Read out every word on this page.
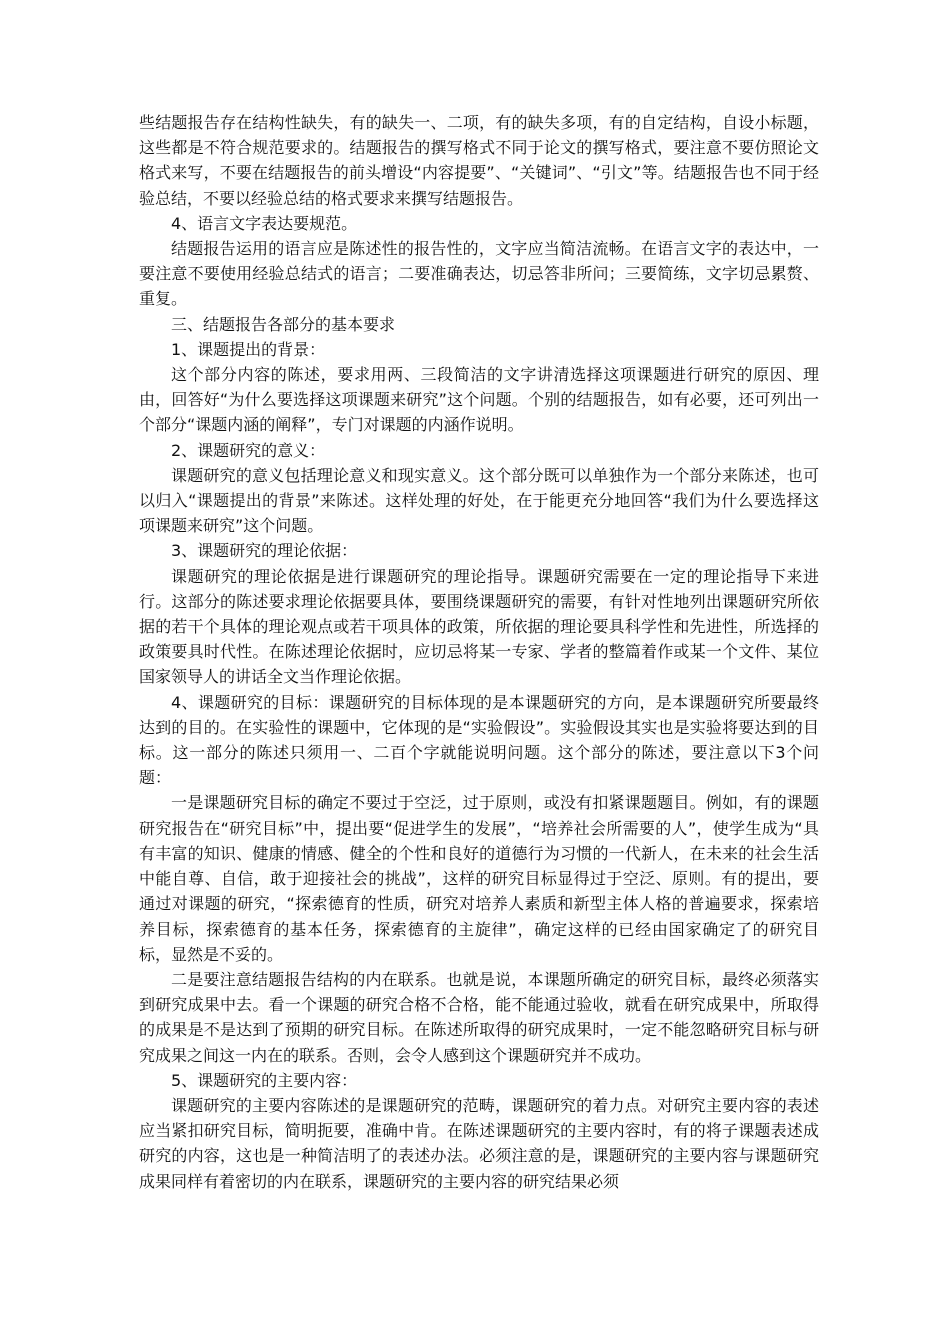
些结题报告存在结构性缺失，有的缺失一、二项，有的缺失多项，有的自定结构，自设小标题，这些都是不符合规范要求的。结题报告的撰写格式不同于论文的撰写格式，要注意不要仿照论文格式来写，不要在结题报告的前头增设“内容提要”、“关键词”、“引文”等。结题报告也不同于经验总结，不要以经验总结的格式要求来撰写结题报告。

4、语言文字表达要规范。

结题报告运用的语言应是陈述性的报告性的，文字应当简洁流畅。在语言文字的表达中，一要注意不要使用经验总结式的语言；二要准确表达，切忌答非所问；三要简练，文字切忌累赘、重复。

三、结题报告各部分的基本要求

1、课题提出的背景：

这个部分内容的陈述，要求用两、三段简洁的文字讲清选择这项课题进行研究的原因、理由，回答好“为什么要选择这项课题来研究”这个问题。个别的结题报告，如有必要，还可列出一个部分“课题内涵的阐释”，专门对课题的内涵作说明。

2、课题研究的意义：

课题研究的意义包括理论意义和现实意义。这个部分既可以单独作为一个部分来陈述，也可以归入“课题提出的背景”来陈述。这样处理的好处，在于能更充分地回答“我们为什么要选择这项课题来研究”这个问题。

3、课题研究的理论依据：

课题研究的理论依据是进行课题研究的理论指导。课题研究需要在一定的理论指导下来进行。这部分的陈述要求理论依据要具体，要围绕课题研究的需要，有针对性地列出课题研究所依据的若干个具体的理论观点或若干项具体的政策，所依据的理论要具科学性和先进性，所选择的政策要具时代性。在陈述理论依据时，应切忌将某一专家、学者的整篇着作或某一个文件、某位国家领导人的讲话全文当作理论依据。

4、课题研究的目标：课题研究的目标体现的是本课题研究的方向，是本课题研究所要最终达到的目的。在实验性的课题中，它体现的是“实验假设”。实验假设其实也是实验将要达到的目标。这一部分的陈述只须用一、二百个字就能说明问题。这个部分的陈述，要注意以下3个问题：

一是课题研究目标的确定不要过于空泛，过于原则，或没有扣紧课题题目。例如，有的课题研究报告在“研究目标”中，提出要“促进学生的发展”，“培养社会所需要的人”，使学生成为“具有丰富的知识、健康的情感、健全的个性和良好的道德行为习惯的一代新人，在未来的社会生活中能自尊、自信，敢于迎接社会的挑战”，这样的研究目标显得过于空泛、原则。有的提出，要通过对课题的研究，“探索德育的性质，研究对培养人素质和新型主体人格的普遍要求，探索培养目标，探索德育的基本任务，探索德育的主旋律”，确定这样的已经由国家确定了的研究目标，显然是不妥的。

二是要注意结题报告结构的内在联系。也就是说，本课题所确定的研究目标，最终必须落实到研究成果中去。看一个课题的研究合格不合格，能不能通过验收，就看在研究成果中，所取得的成果是不是达到了预期的研究目标。在陈述所取得的研究成果时，一定不能忽略研究目标与研究成果之间这一内在的联系。否则，会令人感到这个课题研究并不成功。

5、课题研究的主要内容：

课题研究的主要内容陈述的是课题研究的范畴，课题研究的着力点。对研究主要内容的表述应当紧扣研究目标，简明扼要，准确中肯。在陈述课题研究的主要内容时，有的将子课题表述成研究的内容，这也是一种简洁明了的表述办法。必须注意的是，课题研究的主要内容与课题研究成果同样有着密切的内在联系，课题研究的主要内容的研究结果必须
